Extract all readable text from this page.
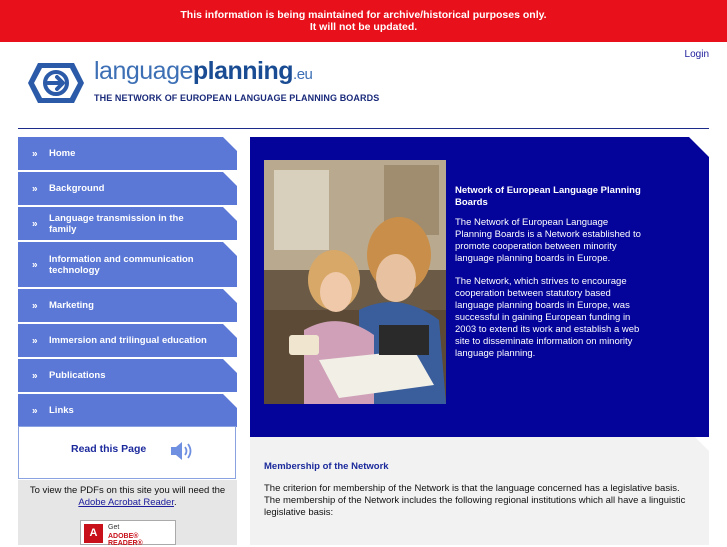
This information is being maintained for archive/historical purposes only.
It will not be updated.
Login
languageplanning.eu
THE NETWORK OF EUROPEAN LANGUAGE PLANNING BOARDS
» Home
» Background
» Language transmission in the family
» Information and communication technology
» Marketing
» Immersion and trilingual education
» Publications
» Links
Read this Page
To view the PDFs on this site you will need the
Adobe Acrobat Reader.
A	Get
ADOBE® READER®
Network of European Language Planning Boards
The Network of European Language Planning Boards is a Network established to promote cooperation between minority language planning boards in Europe.
The Network, which strives to encourage cooperation between statutory based language planning boards in Europe, was successful in gaining European funding in 2003 to extend its work and establish a web site to disseminate information on minority language planning.
Membership of the Network
The criterion for membership of the Network is that the language concerned has a legislative basis. The membership of the Network includes the following regional institutions which all have a linguistic legislative basis:
